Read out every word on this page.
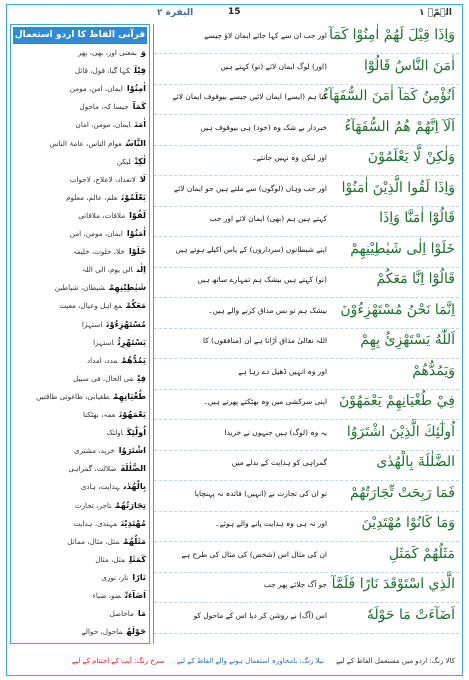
البقرة ٢	15	الۤمّۤ ١
قرآنی الفاظ کا اردو استعمال
وَبمعنی اور، بھی، پھر
قِيْلَکہا گیا، قول، قائل
اٰمِنُوْاایمان، امن، مومن
كَمَآجیسا کہ، ماحول
اٰمَنَایمان، مومن، امان
النَّاسُعوام الناس، عامۃ الناس
لٰكِنْلیکن
لَالاتعداد، لاعلاج، لاجواب
يَعْلَمُوْنَعلم، عالم، معلوم
لَقُوْاملاقات، ملاقاتی
اٰمَنُوْاایمان، مومن، امن
خَلَوْاخلا، خلوت، خلیفہ
اِلٰىالی یوم، الی اللہ
شَيٰطِيْنِهِمْشیطان، شیاطین
مَعَكُمْمع اہل وعیال، معیت
مُسْتَهْزِءُوْنَاستہزا
يَسْتَهْزِئُاستہزا
يَمُدُّهُمْمدد، امداد
فِيْفی الحال، فی سبیل
طُغْيَانِهِمْطغیانی، طاغوتی طاقتیں
يَعْمَهُوْنَعمہ، بھٹکنا
اُولٰٓئِكَاولئک
اشْتَرَوُاخرید، مشتری
الضَّلٰلَةَضلالت، گمراہی
بِالْهُدٰىہدایت، ہادی
تِجَارَتُهُمْتاجر، تجارت
مُهْتَدِيْنَمہتدی، ہدایت
مَثَلُهُمْمثل، مثال، مماثل
كَمَثَلِمثل، مثال
نَارًانار، نوری
اَضَآءَتْضو، ضیاء
مَاماحاصل
حَوْلَهٗماحول، حوالے
وَاِذَا قِيْلَ لَهُمْ اٰمِنُوْا كَمَآ
اور جب ان سے کہا جائے ایمان لاؤ جیسے
اٰمَنَ النَّاسُ قَالُوْٓا
(اور) لوگ ایمان لائے (تو) کہتے ہیں
اَنُؤْمِنُ كَمَآ اٰمَنَ السُّفَهَآءُ
کیا ہم (ایسے) ایمان لائیں جیسے بیوقوف ایمان لائے
اَلَآ اِنَّهُمْ هُمُ السُّفَهَآءُ
خبردار بے شک وہ (خود) ہی بیوقوف ہیں
وَلٰكِنْ لَّا يَعْلَمُوْنَ
اور لیکن وہ نہیں جانتے۔
وَاِذَا لَقُوا الَّذِيْنَ اٰمَنُوْا
اور جب وہاں (لوگوں) سے ملتے ہیں جو ایمان لائے
قَالُوْٓا اٰمَنَّا وَاِذَا
کہتے ہیں ہم (بھی) ایمان لائے اور جب
خَلَوْا اِلٰى شَيٰطِيْنِهِمْ
اپنے شیطانوں (سرداروں) کے پاس اکیلے ہوتے ہیں
قَالُوْٓا اِنَّا مَعَكُمْ
(تو) کہتے ہیں بیشک ہم تمہارے ساتھ ہیں
اِنَّمَا نَحْنُ مُسْتَهْزِءُوْنَ
بیشک ہم تو بس مذاق کرنے والے ہیں۔
اَللّٰهُ يَسْتَهْزِئُ بِهِمْ
اللہ تعالیٰ مذاق اُڑاتا ہے اُن (منافقوں) کا
وَيَمُدُّهُمْ
اور وہ انہیں ڈھیل دے رہا ہے
فِيْ طُغْيَانِهِمْ يَعْمَهُوْنَ
اپنی سرکشی میں وہ بھٹکتے پھرتے ہیں۔
اُولٰٓئِكَ الَّذِيْنَ اشْتَرَوُا
یہ وہ (لوگ) ہیں جنہوں نے خریدا
الضَّلٰلَةَ بِالْهُدٰى
گمراہی کو ہدایت کے بدلے میں
فَمَا رَبِحَتْ تِّجَارَتُهُمْ
تو ان کی تجارت نے (انہیں) فائدہ نہ پہنچایا
وَمَا كَانُوْا مُهْتَدِيْنَ
اور نہ ہی وہ ہدایت پانے والے ہوئے۔
مَثَلُهُمْ كَمَثَلِ
ان کی مثال اس (شخص) کی مثال کی طرح ہے
الَّذِي اسْتَوْقَدَ نَارًا فَلَمَّآ
جو آگ جلائے پھر جب
اَضَآءَتْ مَا حَوْلَهٗ
اس (آگ) نے روشن کر دیا اس کے ماحول کو
کالا رنگ: اردو میں مستعمل الفاظ کے لیے نیلا رنگ: بامحاورہ استعمال ہونے والے الفاظ کے لیے سرخ رنگ: آیت کے اختتام کے لیے
